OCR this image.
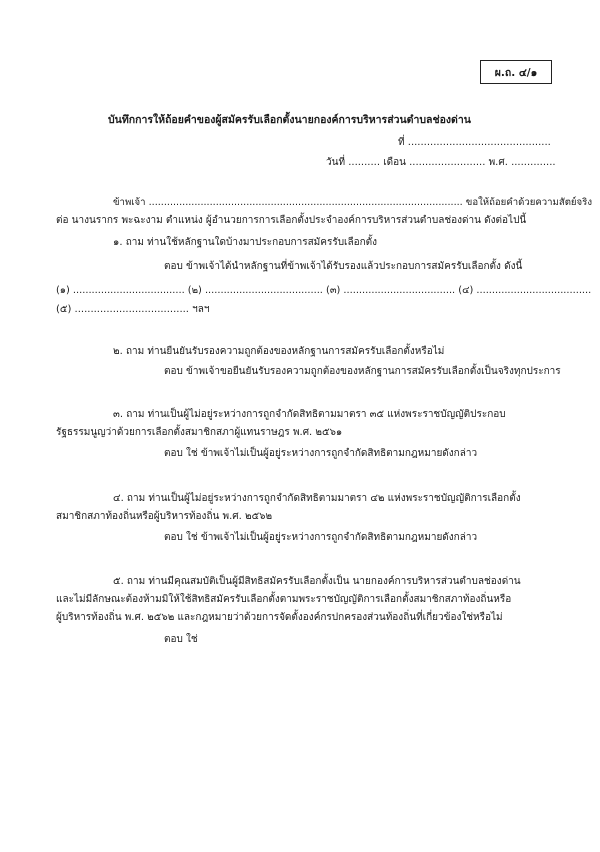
ผ.ถ. ๔/๑
บันทึกการให้ถ้อยคำของผู้สมัครรับเลือกตั้งนายกองค์การบริหารส่วนตำบลช่องด่าน
ที่ .............................................
วันที่ .......... เดือน ........................ พ.ศ. ..............
ข้าพเจ้า ....................................................................................................... ขอให้ถ้อยคำด้วยความสัตย์จริง
ต่อ นางนรากร พะฉะงาม ตำแหน่ง ผู้อำนวยการการเลือกตั้งประจำองค์การบริหารส่วนตำบลช่องด่าน ดังต่อไปนี้
๑. ถาม ท่านใช้หลักฐานใดบ้างมาประกอบการสมัครรับเลือกตั้ง
ตอบ ข้าพเจ้าได้นำหลักฐานที่ข้าพเจ้าได้รับรองแล้วประกอบการสมัครรับเลือกตั้ง ดังนี้
(๑) .................................... (๒) ...................................... (๓) .................................... (๔) .....................................
(๕) .................................... ฯลฯ
๒. ถาม ท่านยืนยันรับรองความถูกต้องของหลักฐานการสมัครรับเลือกตั้งหรือไม่
ตอบ ข้าพเจ้าขอยืนยันรับรองความถูกต้องของหลักฐานการสมัครรับเลือกตั้งเป็นจริงทุกประการ
๓. ถาม ท่านเป็นผู้ไม่อยู่ระหว่างการถูกจำกัดสิทธิตามมาตรา ๓๕ แห่งพระราชบัญญัติประกอบ
รัฐธรรมนูญว่าด้วยการเลือกตั้งสมาชิกสภาผู้แทนราษฎร พ.ศ. ๒๕๖๑
ตอบ ใช่ ข้าพเจ้าไม่เป็นผู้อยู่ระหว่างการถูกจำกัดสิทธิตามกฎหมายดังกล่าว
๔. ถาม ท่านเป็นผู้ไม่อยู่ระหว่างการถูกจำกัดสิทธิตามมาตรา ๔๒ แห่งพระราชบัญญัติการเลือกตั้ง
สมาชิกสภาท้องถิ่นหรือผู้บริหารท้องถิ่น พ.ศ. ๒๕๖๒
ตอบ ใช่ ข้าพเจ้าไม่เป็นผู้อยู่ระหว่างการถูกจำกัดสิทธิตามกฎหมายดังกล่าว
๕. ถาม ท่านมีคุณสมบัติเป็นผู้มีสิทธิสมัครรับเลือกตั้งเป็น นายกองค์การบริหารส่วนตำบลช่องด่าน
และไม่มีลักษณะต้องห้ามมิให้ใช้สิทธิสมัครรับเลือกตั้งตามพระราชบัญญัติการเลือกตั้งสมาชิกสภาท้องถิ่นหรือ
ผู้บริหารท้องถิ่น พ.ศ. ๒๕๖๒ และกฎหมายว่าด้วยการจัดตั้งองค์กรปกครองส่วนท้องถิ่นที่เกี่ยวข้องใช่หรือไม่
ตอบ ใช่
